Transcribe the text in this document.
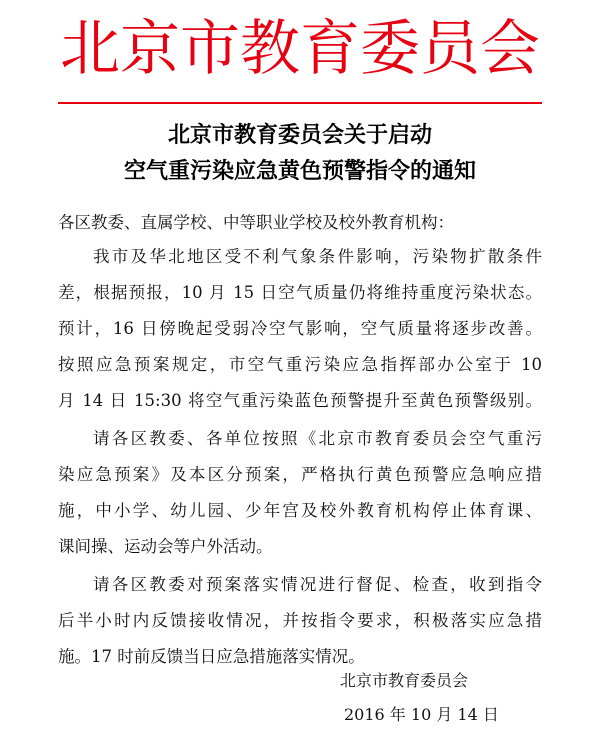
北京市教育委员会
北京市教育委员会关于启动
空气重污染应急黄色预警指令的通知
各区教委、直属学校、中等职业学校及校外教育机构：
我市及华北地区受不利气象条件影响，污染物扩散条件
差，根据预报，10 月 15 日空气质量仍将维持重度污染状态。
预计，16 日傍晚起受弱冷空气影响，空气质量将逐步改善。
按照应急预案规定，市空气重污染应急指挥部办公室于 10
月 14 日 15:30 将空气重污染蓝色预警提升至黄色预警级别。
请各区教委、各单位按照《北京市教育委员会空气重污
染应急预案》及本区分预案，严格执行黄色预警应急响应措
施，中小学、幼儿园、少年宫及校外教育机构停止体育课、
课间操、运动会等户外活动。
请各区教委对预案落实情况进行督促、检查，收到指令
后半小时内反馈接收情况，并按指令要求，积极落实应急措
施。17 时前反馈当日应急措施落实情况。
北京市教育委员会
2016 年 10 月 14 日
